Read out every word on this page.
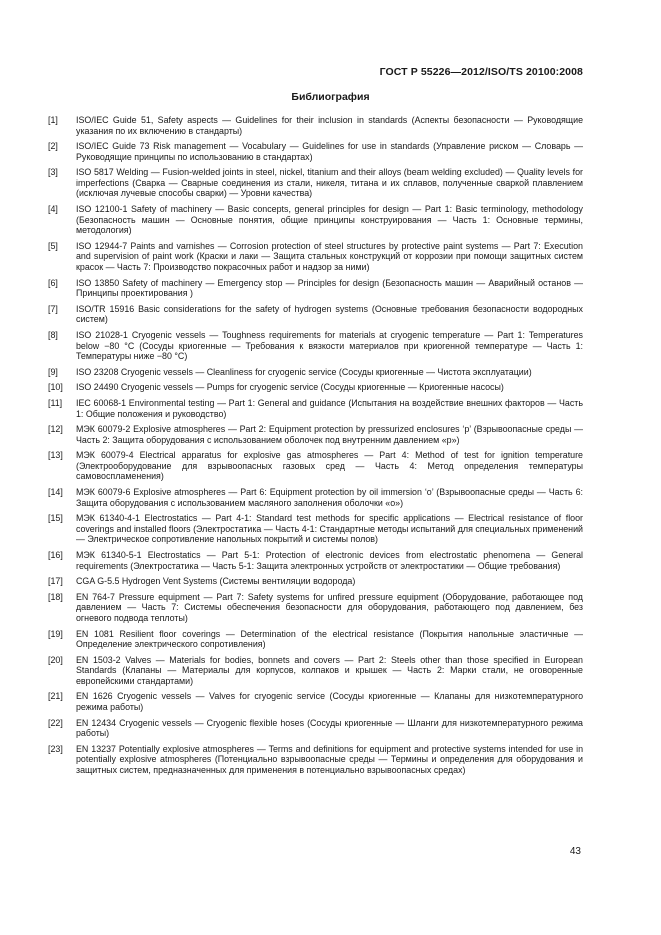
ГОСТ Р 55226—2012/ISO/TS 20100:2008
Библиография
[1]	ISO/IEC Guide 51, Safety aspects — Guidelines for their inclusion in standards (Аспекты безопасности — Руководящие указания по их включению в стандарты)
[2]	ISO/IEC Guide 73 Risk management — Vocabulary — Guidelines for use in standards (Управление риском — Словарь — Руководящие принципы по использованию в стандартах)
[3]	ISO 5817 Welding — Fusion-welded joints in steel, nickel, titanium and their alloys (beam welding excluded) — Quality levels for imperfections (Сварка — Сварные соединения из стали, никеля, титана и их сплавов, полученные сваркой плавлением (исключая лучевые способы сварки) — Уровни качества)
[4]	ISO 12100-1 Safety of machinery — Basic concepts, general principles for design — Part 1: Basic terminology, methodology (Безопасность машин — Основные понятия, общие принципы конструирования — Часть 1: Основные термины, методология)
[5]	ISO 12944-7 Paints and varnishes — Corrosion protection of steel structures by protective paint systems — Part 7: Execution and supervision of paint work (Краски и лаки — Защита стальных конструкций от коррозии при помощи защитных систем красок — Часть 7: Производство покрасочных работ и надзор за ними)
[6]	ISO 13850 Safety of machinery — Emergency stop — Principles for design (Безопасность машин — Аварийный останов — Принципы проектирования )
[7]	ISO/TR 15916 Basic considerations for the safety of hydrogen systems (Основные требования безопасности водородных систем)
[8]	ISO 21028-1 Cryogenic vessels — Toughness requirements for materials at cryogenic temperature — Part 1: Temperatures below −80 °C (Сосуды криогенные — Требования к вязкости материалов при криогенной температуре — Часть 1: Температуры ниже −80 °C)
[9]	ISO 23208 Cryogenic vessels — Cleanliness for cryogenic service (Сосуды криогенные — Чистота эксплуатации)
[10]	ISO 24490 Cryogenic vessels — Pumps for cryogenic service (Сосуды криогенные — Криогенные насосы)
[11]	IEC 60068-1 Environmental testing — Part 1: General and guidance (Испытания на воздействие внешних факторов — Часть 1: Общие положения и руководство)
[12]	МЭК 60079-2 Explosive atmospheres — Part 2: Equipment protection by pressurized enclosures ‘p’ (Взрывоопасные среды — Часть 2: Защита оборудования с использованием оболочек под внутренним давлением «p»)
[13]	МЭК 60079-4 Electrical apparatus for explosive gas atmospheres — Part 4: Method of test for ignition temperature (Электрооборудование для взрывоопасных газовых сред — Часть 4: Метод определения температуры самовоспламенения)
[14]	МЭК 60079-6 Explosive atmospheres — Part 6: Equipment protection by oil immersion ‘o’ (Взрывоопасные среды — Часть 6: Защита оборудования с использованием масляного заполнения оболочки «o»)
[15]	МЭК 61340-4-1 Electrostatics — Part 4-1: Standard test methods for specific applications — Electrical resistance of floor coverings and installed floors (Электростатика — Часть 4-1: Стандартные методы испытаний для специальных применений — Электрическое сопротивление напольных покрытий и системы полов)
[16]	МЭК 61340-5-1 Electrostatics — Part 5-1: Protection of electronic devices from electrostatic phenomena — General requirements (Электростатика — Часть 5-1: Защита электронных устройств от электростатики — Общие требования)
[17]	CGA G-5.5 Hydrogen Vent Systems (Системы вентиляции водорода)
[18]	EN 764-7 Pressure equipment — Part 7: Safety systems for unfired pressure equipment (Оборудование, работающее под давлением — Часть 7: Системы обеспечения безопасности для оборудования, работающего под давлением, без огневого подвода теплоты)
[19]	EN 1081 Resilient floor coverings — Determination of the electrical resistance (Покрытия напольные эластичные — Определение электрического сопротивления)
[20]	EN 1503-2 Valves — Materials for bodies, bonnets and covers — Part 2: Steels other than those specified in European Standards (Клапаны — Материалы для корпусов, колпаков и крышек — Часть 2: Марки стали, не оговоренные европейскими стандартами)
[21]	EN 1626 Cryogenic vessels — Valves for cryogenic service (Сосуды криогенные — Клапаны для низкотемпературного режима работы)
[22]	EN 12434 Cryogenic vessels — Cryogenic flexible hoses (Сосуды криогенные — Шланги для низкотемпературного режима работы)
[23]	EN 13237 Potentially explosive atmospheres — Terms and definitions for equipment and protective systems intended for use in potentially explosive atmospheres (Потенциально взрывоопасные среды — Термины и определения для оборудования и защитных систем, предназначенных для применения в потенциально взрывоопасных средах)
43
